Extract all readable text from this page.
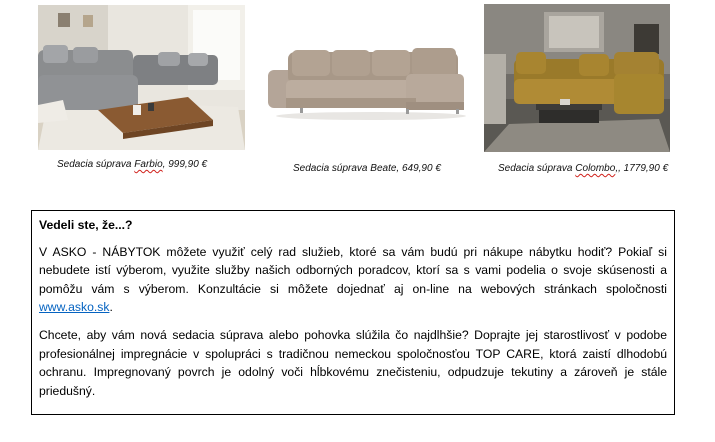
Sedacia súprava Farbio, 999,90 €	Sedacia súprava Beate, 649,90 €	Sedacia súprava Colombo,, 1779,90 €
Vedeli ste, že...?

V ASKO - NÁBYTOK môžete využiť celý rad služieb, ktoré sa vám budú pri nákupe nábytku hodiť? Pokiaľ si nebudete istí výberom, využite služby našich odborných poradcov, ktorí sa s vami podelia o svoje skúsenosti a pomôžu vám s výberom. Konzultácie si môžete dojednať aj on-line na webových stránkach spoločnosti www.asko.sk.

Chcete, aby vám nová sedacia súprava alebo pohovka slúžila čo najdlhšie? Doprajte jej starostlivosť v podobe profesionálnej impregnácie v spolupráci s tradičnou nemeckou spoločnosťou TOP CARE, ktorá zaistí dlhodobú ochranu. Impregnovaný povrch je odolný voči hĺbkovému znečisteniu, odpudzuje tekutiny a zároveň je stále priedušný.
